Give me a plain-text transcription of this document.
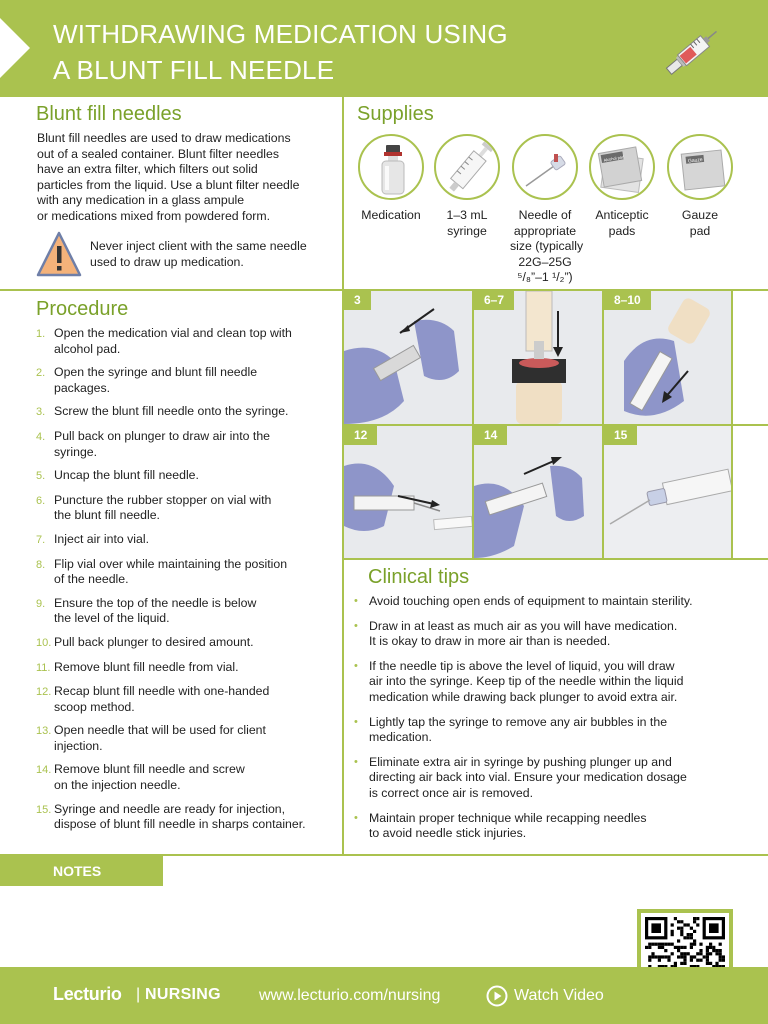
WITHDRAWING MEDICATION USING
A BLUNT FILL NEEDLE
Blunt fill needles
Blunt fill needles are used to draw medications
out of a sealed container. Blunt filter needles
have an extra filter, which filters out solid
particles from the liquid. Use a blunt filter needle
with any medication in a glass ampule
or medications mixed from powdered form.
Never inject client with the same needle
used to draw up medication.
Supplies
Medication	1–3 mL
syringe
Needle of
appropriate
size (typically
22G–25G
⁵/₈”–1 ¹/₂”)
Alcohol pad
Anticeptic
pads
Gauze
Gauze
pad
Procedure
1. Open the medication vial and clean top with
alcohol pad.
2. Open the syringe and blunt fill needle
packages.
3. Screw the blunt fill needle onto the syringe.
4. Pull back on plunger to draw air into the
syringe.
5. Uncap the blunt fill needle.
6. Puncture the rubber stopper on vial with
the blunt fill needle.
7. Inject air into vial.
8. Flip vial over while maintaining the position
of the needle.
9. Ensure the top of the needle is below
the level of the liquid.
10. Pull back plunger to desired amount.
11. Remove blunt fill needle from vial.
12. Recap blunt fill needle with one-handed
scoop method.
13. Open needle that will be used for client
injection.
14. Remove blunt fill needle and screw
on the injection needle.
15. Syringe and needle are ready for injection,
dispose of blunt fill needle in sharps container.
3	6–7	8–10
12	14	15
Clinical tips
• Avoid touching open ends of equipment to maintain sterility.
• Draw in at least as much air as you will have medication.
It is okay to draw in more air than is needed.
• If the needle tip is above the level of liquid, you will draw
air into the syringe. Keep tip of the needle within the liquid
medication while drawing back plunger to avoid extra air.
• Lightly tap the syringe to remove any air bubbles in the
medication.
• Eliminate extra air in syringe by pushing plunger up and
directing air back into vial. Ensure your medication dosage
is correct once air is removed.
• Maintain proper technique while recapping needles
to avoid needle stick injuries.
NOTES
Lecturio | NURSING www.lecturio.com/nursing	Watch Video
